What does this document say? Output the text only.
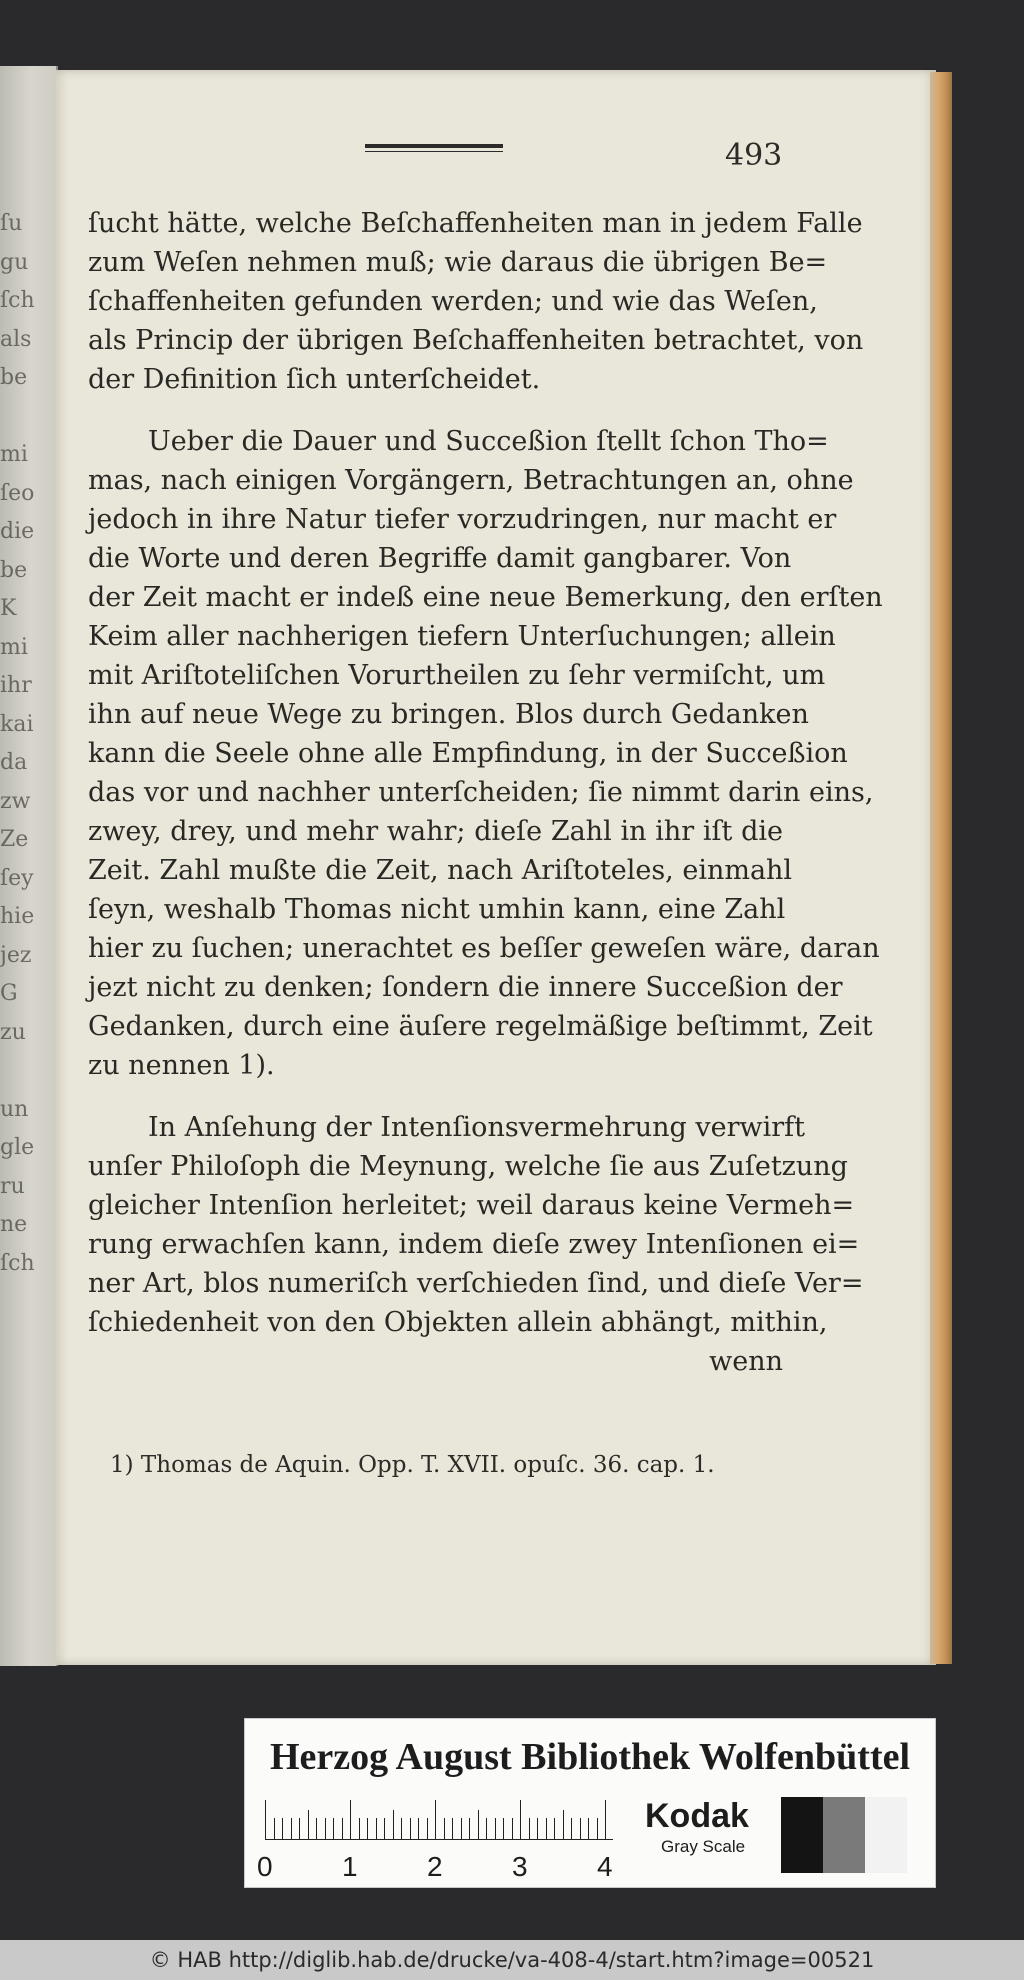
ſu
gu
ſch
als
be
mi
ſeo
die
be
K
mi
ihr
kai
da
zw
Ze
ſey
hie
jez
G
zu
un
gle
ru
ne
ſch
493
ſucht hätte, welche Beſchaffenheiten man in jedem Falle
zum Weſen nehmen muß; wie daraus die übrigen Be=
ſchaffenheiten gefunden werden; und wie das Weſen,
als Princip der übrigen Beſchaffenheiten betrachtet, von
der Definition ſich unterſcheidet.
Ueber die Dauer und Succeßion ſtellt ſchon Tho=
mas, nach einigen Vorgängern, Betrachtungen an, ohne
jedoch in ihre Natur tiefer vorzudringen, nur macht er
die Worte und deren Begriffe damit gangbarer. Von
der Zeit macht er indeß eine neue Bemerkung, den erſten
Keim aller nachherigen tiefern Unterſuchungen; allein
mit Ariſtoteliſchen Vorurtheilen zu ſehr vermiſcht, um
ihn auf neue Wege zu bringen. Blos durch Gedanken
kann die Seele ohne alle Empfindung, in der Succeßion
das vor und nachher unterſcheiden; ſie nimmt darin eins,
zwey, drey, und mehr wahr; dieſe Zahl in ihr iſt die
Zeit. Zahl mußte die Zeit, nach Ariſtoteles, einmahl
ſeyn, weshalb Thomas nicht umhin kann, eine Zahl
hier zu ſuchen; unerachtet es beſſer geweſen wäre, daran
jezt nicht zu denken; ſondern die innere Succeßion der
Gedanken, durch eine äuſere regelmäßige beſtimmt, Zeit
zu nennen 1).
In Anſehung der Intenſionsvermehrung verwirft
unſer Philoſoph die Meynung, welche ſie aus Zuſetzung
gleicher Intenſion herleitet; weil daraus keine Vermeh=
rung erwachſen kann, indem dieſe zwey Intenſionen ei=
ner Art, blos numeriſch verſchieden ſind, und dieſe Ver=
ſchiedenheit von den Objekten allein abhängt, mithin,
wenn
1) Thomas de Aquin. Opp. T. XVII. opuſc. 36. cap. 1.
Herzog August Bibliothek Wolfenbüttel
0 1 2 3 4
Kodak
Gray Scale
© HAB http://diglib.hab.de/drucke/va-408-4/start.htm?image=00521
